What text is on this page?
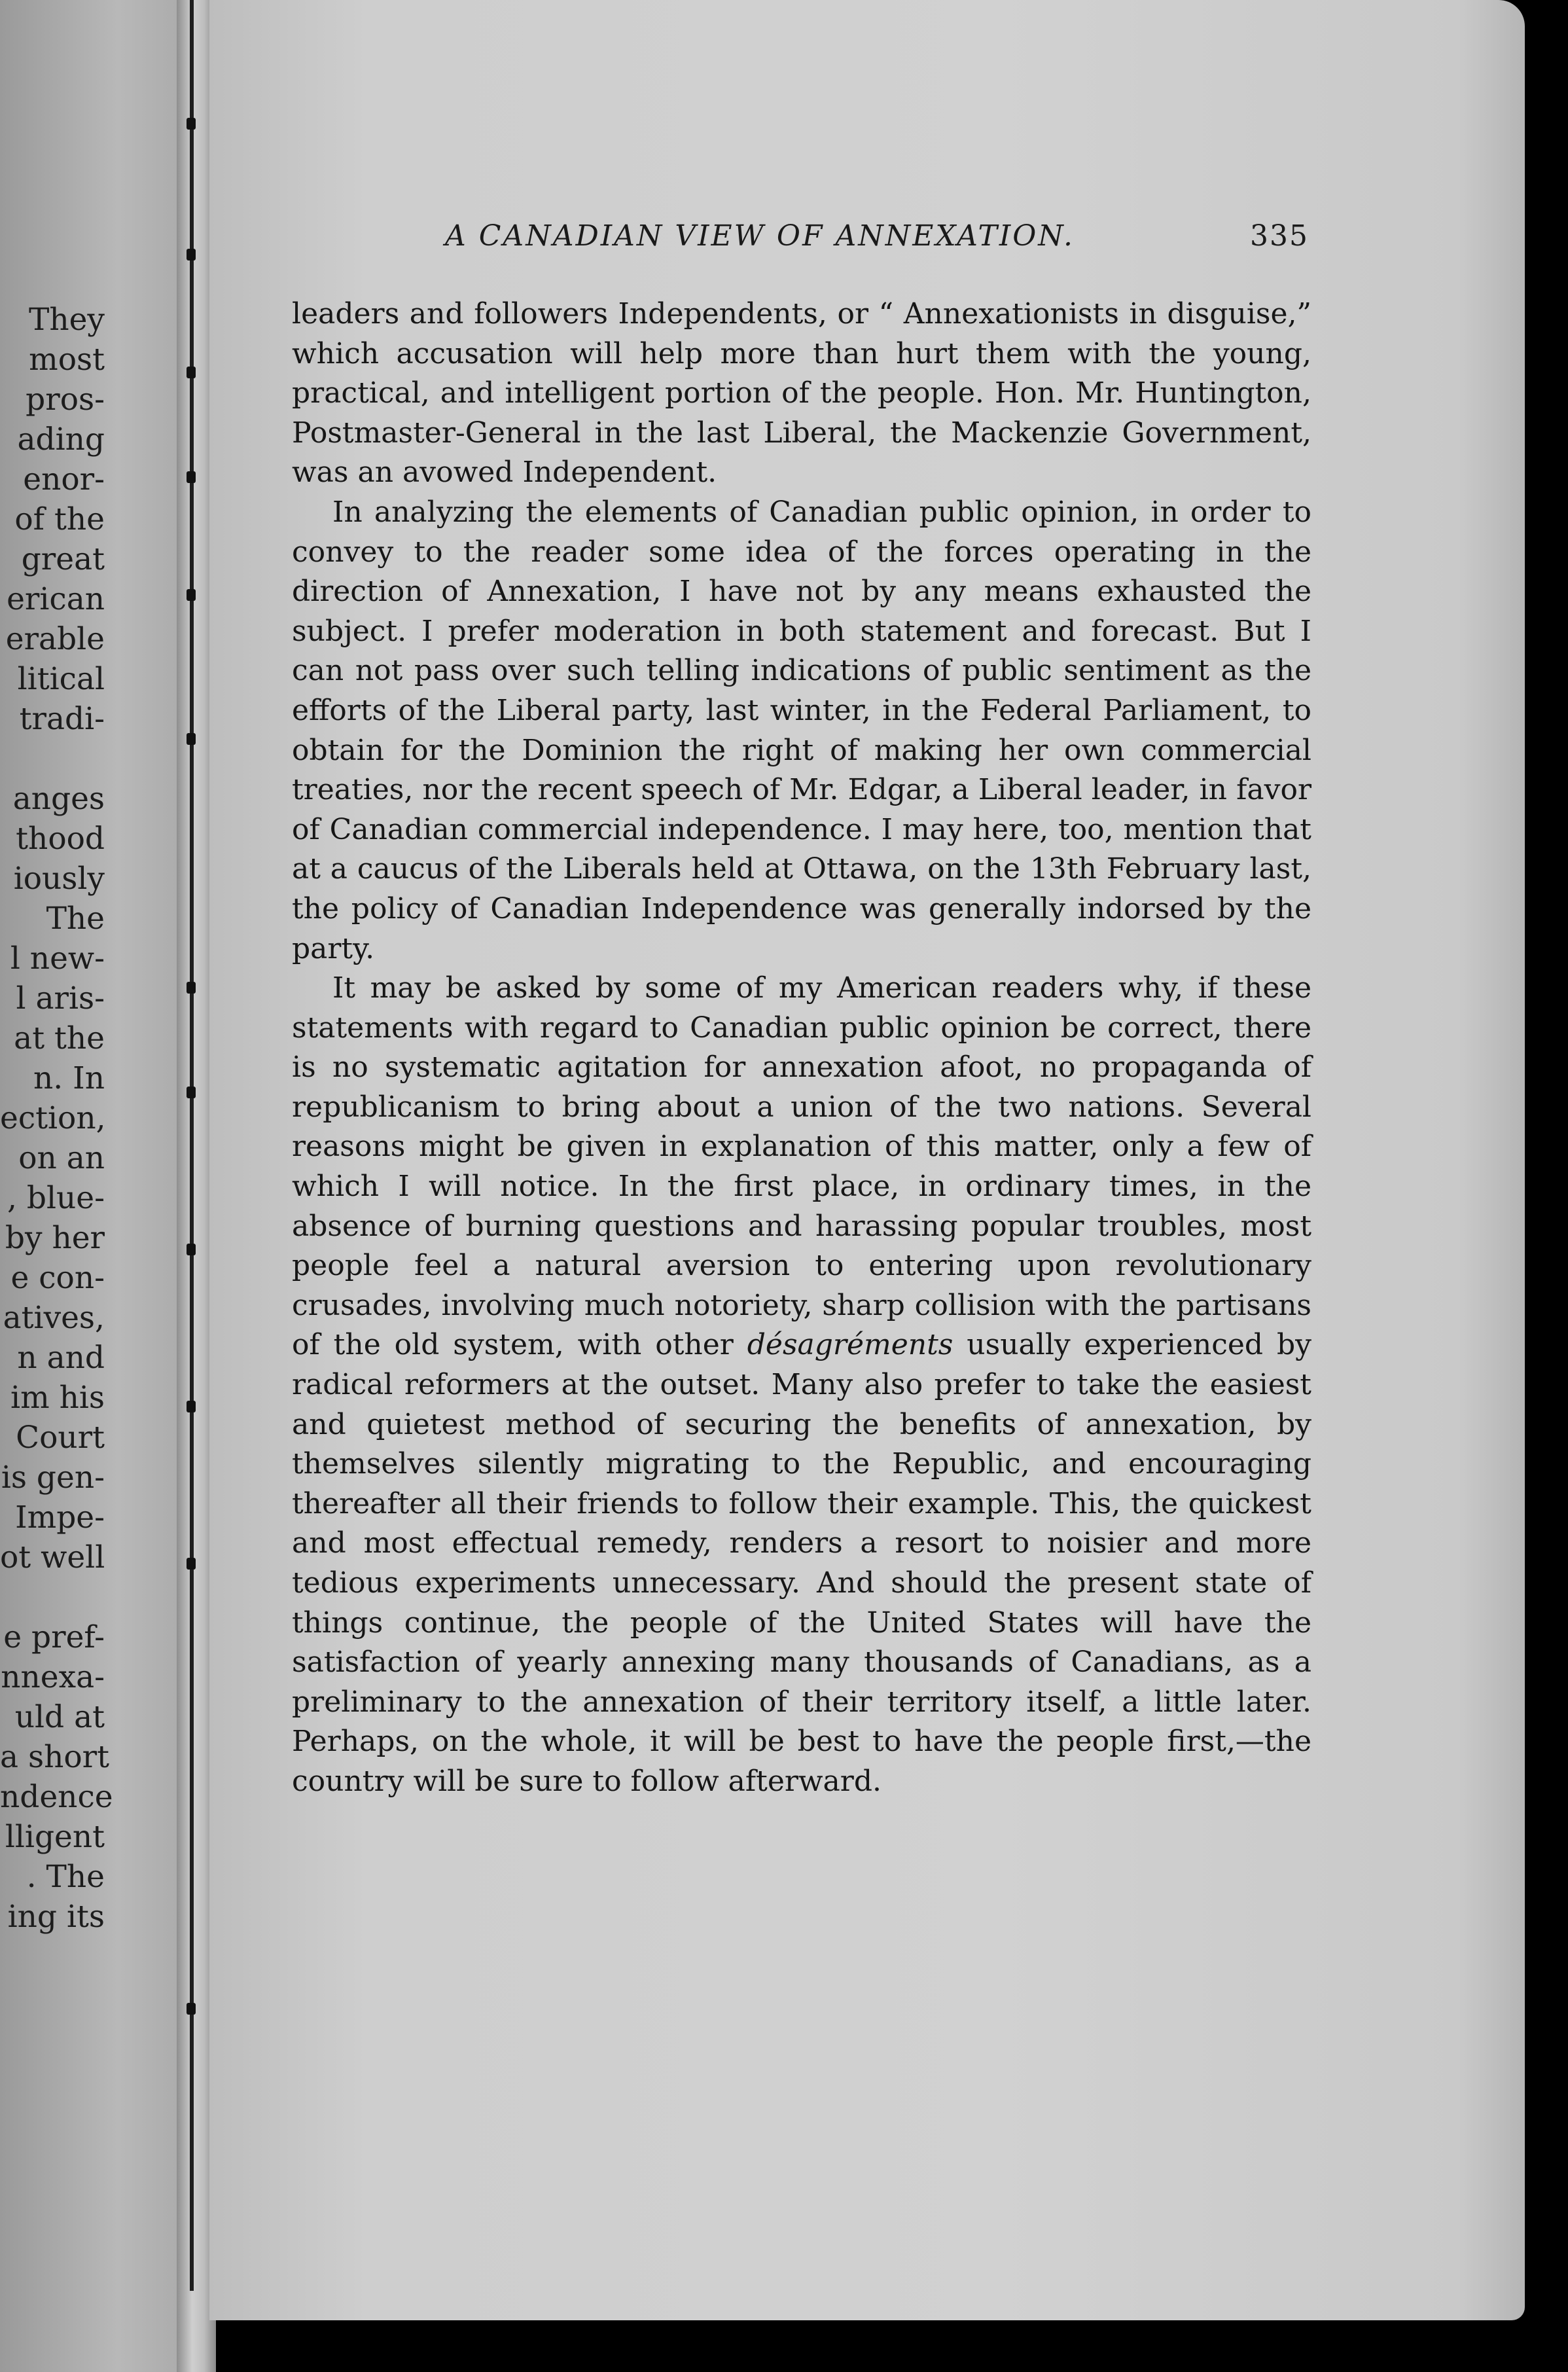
They
most
pros-
ading
enor-
of the
great
erican
erable
litical
tradi-
anges
thood
iously
The
l new-
l aris-
at the
n. In
ection,
on an
, blue-
by her
e con-
atives,
n and
im his
Court
is gen-
Impe-
ot well
e pref-
nnexa-
uld at
a short
ndence
lligent
. The
ing its
A CANADIAN VIEW OF ANNEXATION.	335

leaders and followers Independents, or “ Annexationists in disguise,” which accusation will help more than hurt them with the young, practical, and intelligent portion of the people. Hon. Mr. Huntington, Postmaster-General in the last Liberal, the Mackenzie Government, was an avowed Independent.

In analyzing the elements of Canadian public opinion, in order to convey to the reader some idea of the forces operating in the direction of Annexation, I have not by any means exhausted the subject. I prefer moderation in both statement and forecast. But I can not pass over such telling indications of public sentiment as the efforts of the Liberal party, last winter, in the Federal Parliament, to obtain for the Dominion the right of making her own commercial treaties, nor the recent speech of Mr. Edgar, a Liberal leader, in favor of Canadian commercial independence. I may here, too, mention that at a caucus of the Liberals held at Ottawa, on the 13th February last, the policy of Canadian Independence was generally indorsed by the party.

It may be asked by some of my American readers why, if these statements with regard to Canadian public opinion be correct, there is no systematic agitation for annexation afoot, no propaganda of republicanism to bring about a union of the two nations. Several reasons might be given in explanation of this matter, only a few of which I will notice. In the first place, in ordinary times, in the absence of burning questions and harassing popular troubles, most people feel a natural aversion to entering upon revolutionary crusades, involving much notoriety, sharp collision with the partisans of the old system, with other désagréments usually experienced by radical reformers at the outset. Many also prefer to take the easiest and quietest method of securing the benefits of annexation, by themselves silently migrating to the Republic, and encouraging thereafter all their friends to follow their example. This, the quickest and most effectual remedy, renders a resort to noisier and more tedious experiments unnecessary. And should the present state of things continue, the people of the United States will have the satisfaction of yearly annexing many thousands of Canadians, as a preliminary to the annexation of their territory itself, a little later. Perhaps, on the whole, it will be best to have the people first,—the country will be sure to follow afterward.
